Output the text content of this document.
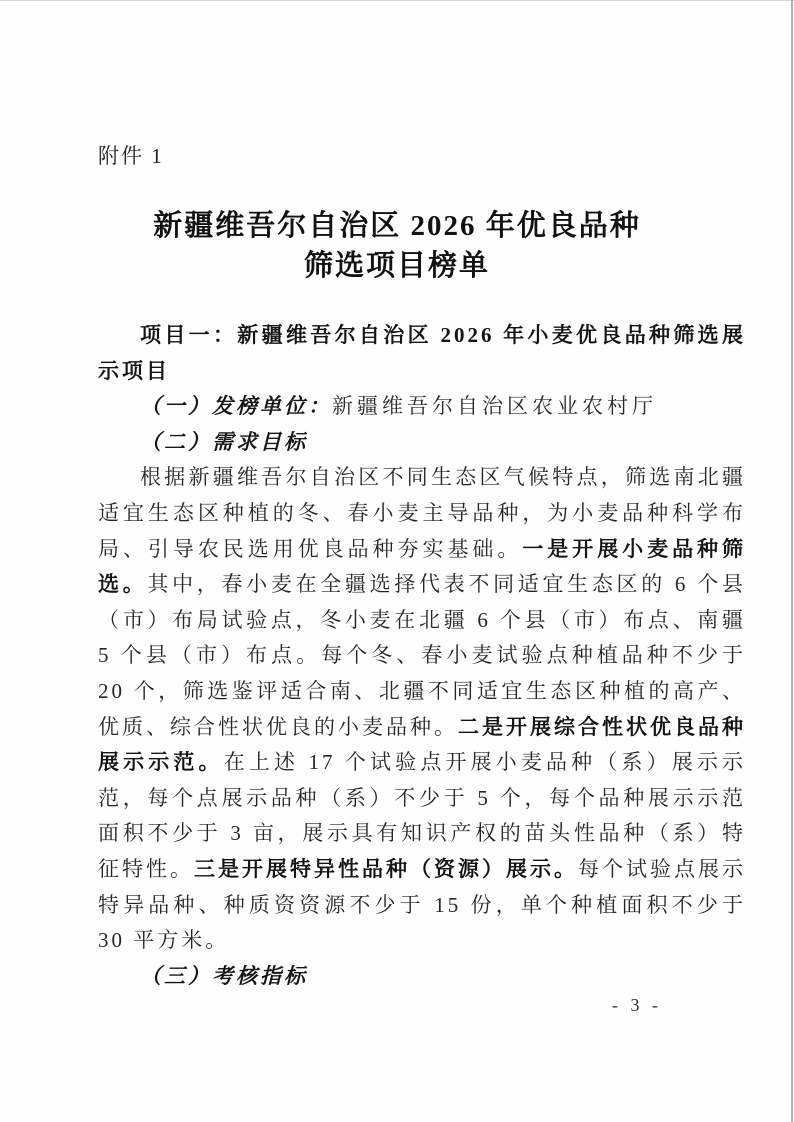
附件 1
新疆维吾尔自治区 2026 年优良品种
筛选项目榜单

项目一：新疆维吾尔自治区 2026 年小麦优良品种筛选展示项目

（一）发榜单位：新疆维吾尔自治区农业农村厅

（二）需求目标

根据新疆维吾尔自治区不同生态区气候特点，筛选南北疆适宜生态区种植的冬、春小麦主导品种，为小麦品种科学布局、引导农民选用优良品种夯实基础。一是开展小麦品种筛选。其中，春小麦在全疆选择代表不同适宜生态区的 6 个县（市）布局试验点，冬小麦在北疆 6 个县（市）布点、南疆 5 个县（市）布点。每个冬、春小麦试验点种植品种不少于 20 个，筛选鉴评适合南、北疆不同适宜生态区种植的高产、优质、综合性状优良的小麦品种。二是开展综合性状优良品种展示示范。在上述 17 个试验点开展小麦品种（系）展示示范，每个点展示品种（系）不少于 5 个，每个品种展示示范面积不少于 3 亩，展示具有知识产权的苗头性品种（系）特征特性。三是开展特异性品种（资源）展示。每个试验点展示特异品种、种质资资源不少于 15 份，单个种植面积不少于 30 平方米。

（三）考核指标

- 3 -
